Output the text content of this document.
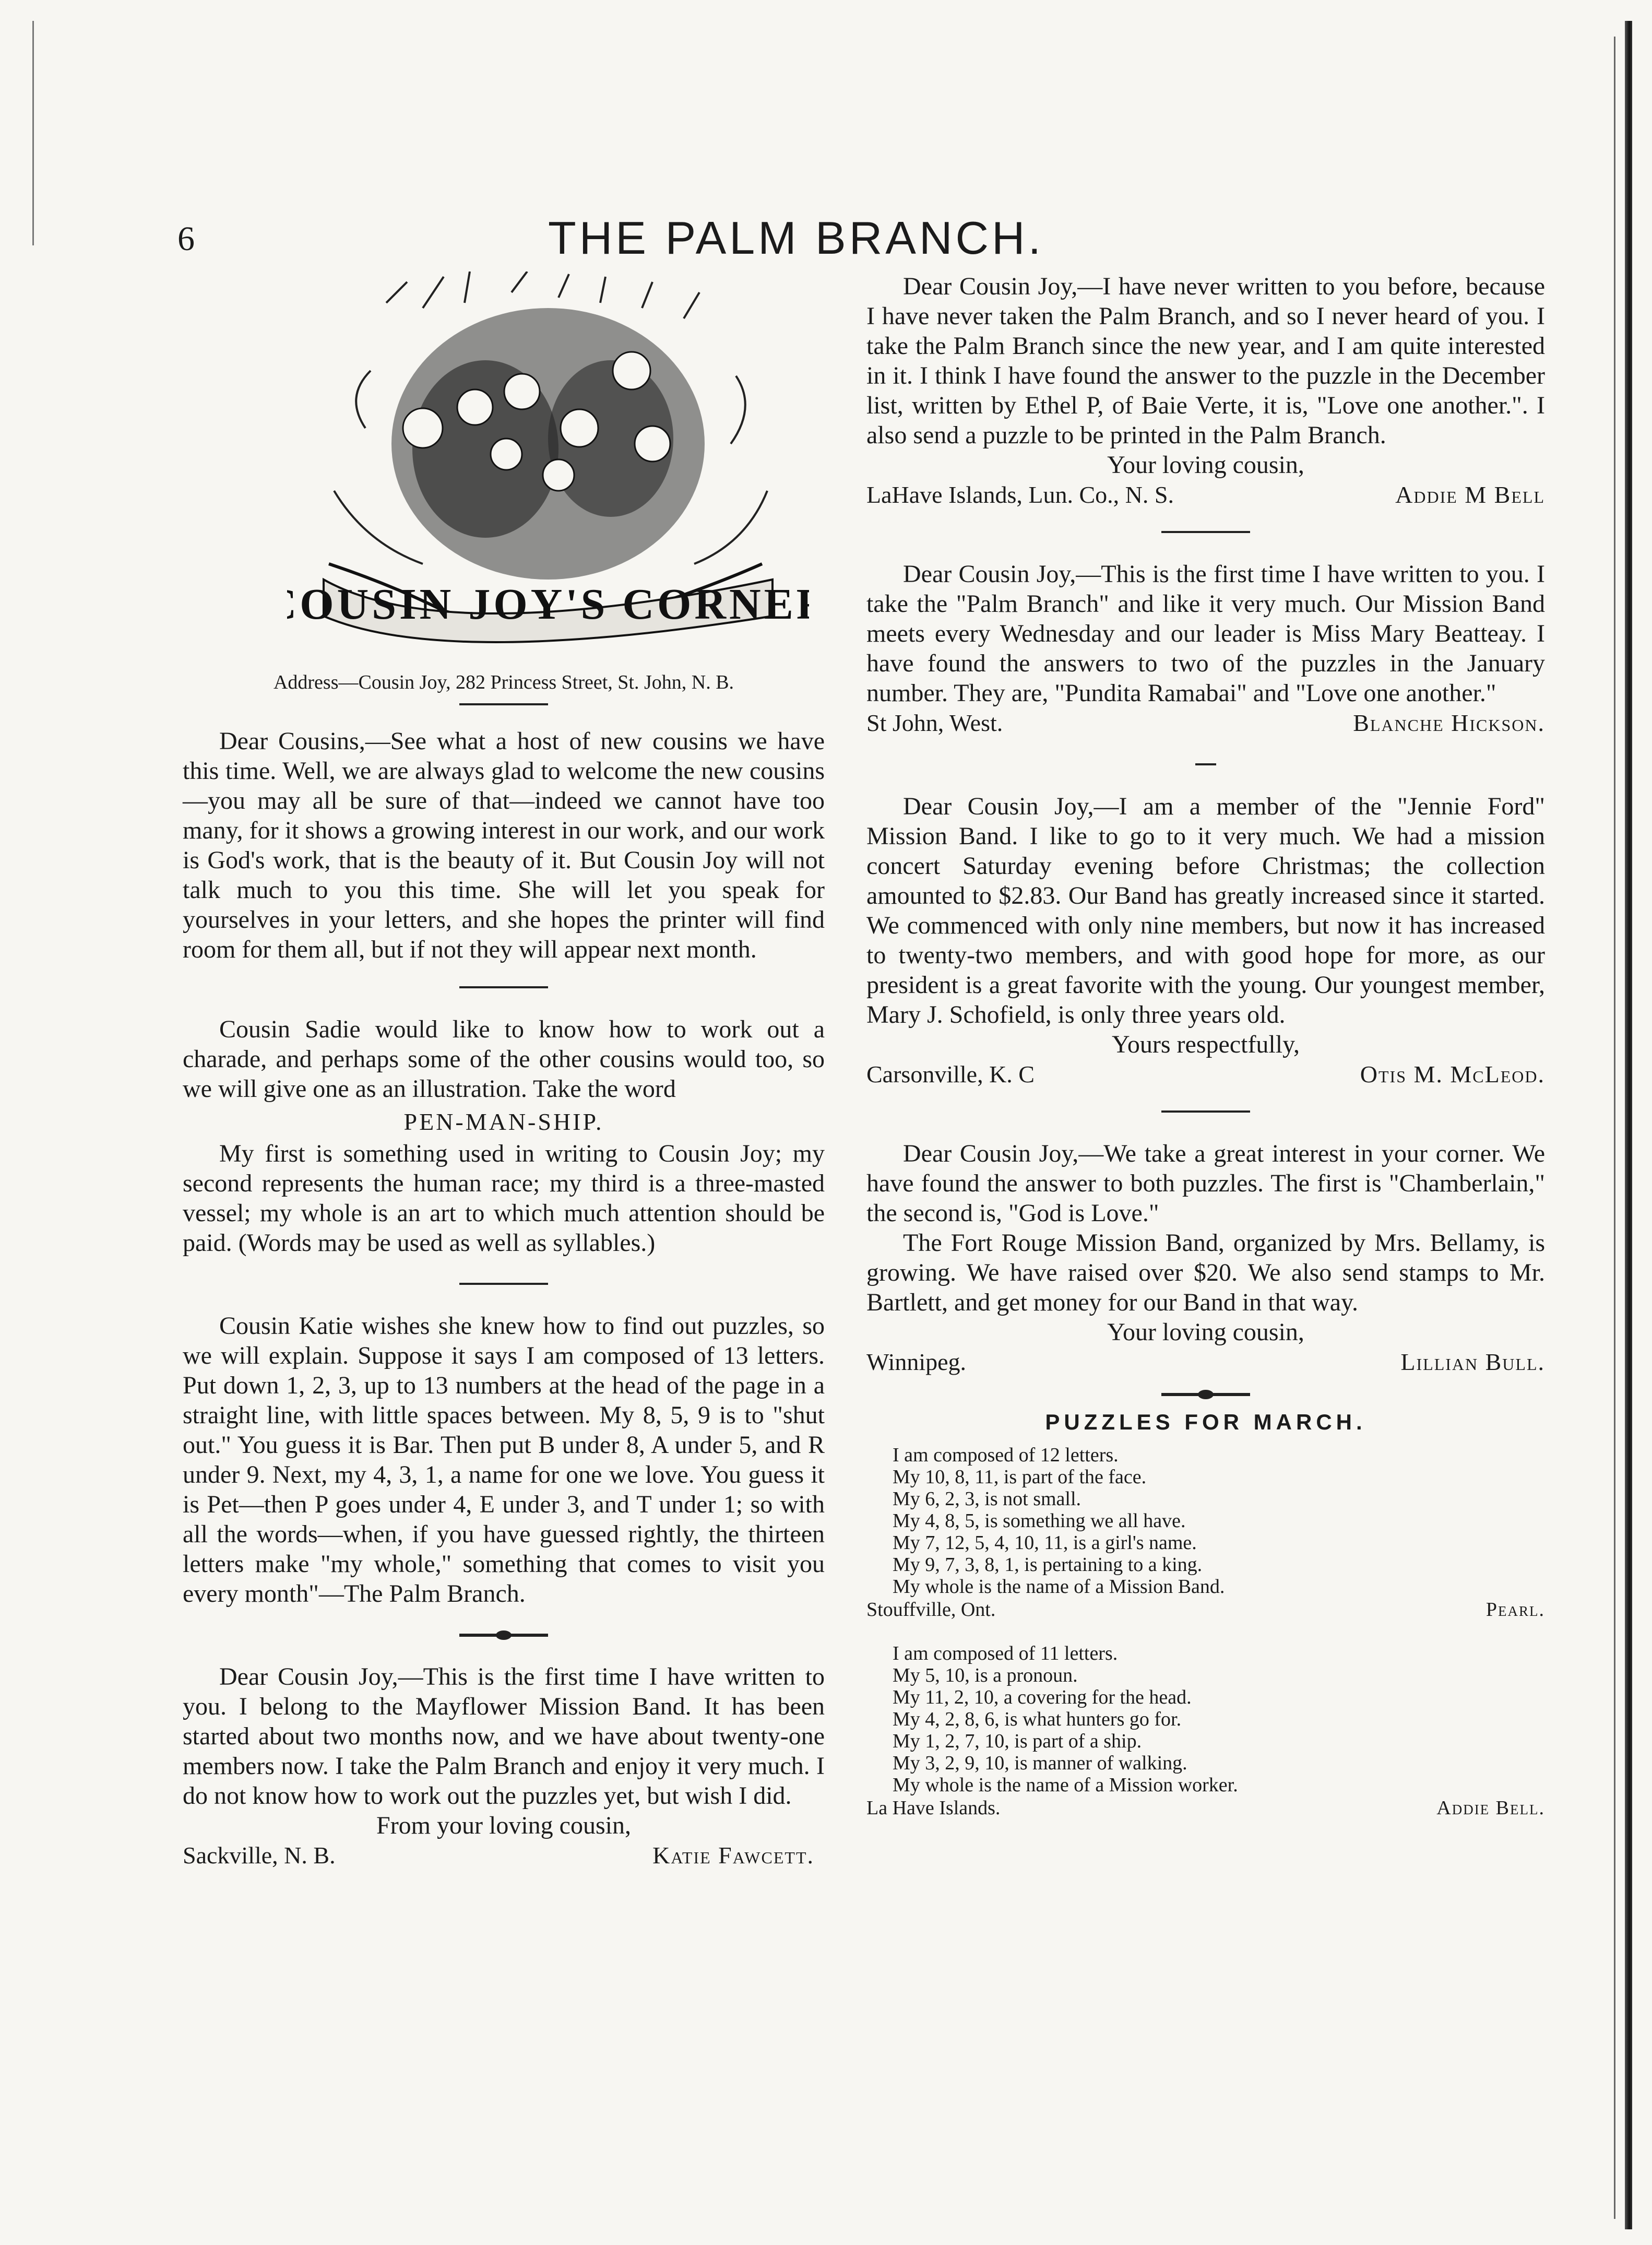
6	THE PALM BRANCH.
COUSIN JOY'S CORNER
Address—Cousin Joy, 282 Princess Street, St. John, N. B.

Dear Cousins,—See what a host of new cousins we have this time. Well, we are always glad to welcome the new cousins—you may all be sure of that—indeed we cannot have too many, for it shows a growing interest in our work, and our work is God's work, that is the beauty of it. But Cousin Joy will not talk much to you this time. She will let you speak for yourselves in your letters, and she hopes the printer will find room for them all, but if not they will appear next month.

Cousin Sadie would like to know how to work out a charade, and perhaps some of the other cousins would too, so we will give one as an illustration. Take the word

PEN-MAN-SHIP.

My first is something used in writing to Cousin Joy; my second represents the human race; my third is a three-masted vessel; my whole is an art to which much attention should be paid. (Words may be used as well as syllables.)

Cousin Katie wishes she knew how to find out puzzles, so we will explain. Suppose it says I am composed of 13 letters. Put down 1, 2, 3, up to 13 numbers at the head of the page in a straight line, with little spaces between. My 8, 5, 9 is to "shut out." You guess it is Bar. Then put B under 8, A under 5, and R under 9. Next, my 4, 3, 1, a name for one we love. You guess it is Pet—then P goes under 4, E under 3, and T under 1; so with all the words—when, if you have guessed rightly, the thirteen letters make "my whole," something that comes to visit you every month"—The Palm Branch.

Dear Cousin Joy,—This is the first time I have written to you. I belong to the Mayflower Mission Band. It has been started about two months now, and we have about twenty-one members now. I take the Palm Branch and enjoy it very much. I do not know how to work out the puzzles yet, but wish I did.

From your loving cousin,
Sackville, N. B.	Katie Fawcett.

Dear Cousin Joy,—I have never written to you before, because I have never taken the Palm Branch, and so I never heard of you. I take the Palm Branch since the new year, and I am quite interested in it. I think I have found the answer to the puzzle in the December list, written by Ethel P, of Baie Verte, it is, "Love one another.". I also send a puzzle to be printed in the Palm Branch.

Your loving cousin,
LaHave Islands, Lun. Co., N. S.	Addie M Bell

Dear Cousin Joy,—This is the first time I have written to you. I take the "Palm Branch" and like it very much. Our Mission Band meets every Wednesday and our leader is Miss Mary Beatteay. I have found the answers to two of the puzzles in the January number. They are, "Pundita Ramabai" and "Love one another."

St John, West.	Blanche Hickson.

Dear Cousin Joy,—I am a member of the "Jennie Ford" Mission Band. I like to go to it very much. We had a mission concert Saturday evening before Christmas; the collection amounted to $2.83. Our Band has greatly increased since it started. We commenced with only nine members, but now it has increased to twenty-two members, and with good hope for more, as our president is a great favorite with the young. Our youngest member, Mary J. Schofield, is only three years old.

Yours respectfully,
Carsonville, K. C	Otis M. McLeod.

Dear Cousin Joy,—We take a great interest in your corner. We have found the answer to both puzzles. The first is "Chamberlain," the second is, "God is Love."

The Fort Rouge Mission Band, organized by Mrs. Bellamy, is growing. We have raised over $20. We also send stamps to Mr. Bartlett, and get money for our Band in that way.

Your loving cousin,
Winnipeg.	Lillian Bull.
PUZZLES FOR MARCH.
I am composed of 12 letters.
My 10, 8, 11, is part of the face.
My 6, 2, 3, is not small.
My 4, 8, 5, is something we all have.
My 7, 12, 5, 4, 10, 11, is a girl's name.
My 9, 7, 3, 8, 1, is pertaining to a king.
My whole is the name of a Mission Band.
Stouffville, Ont.	Pearl.
I am composed of 11 letters.
My 5, 10, is a pronoun.
My 11, 2, 10, a covering for the head.
My 4, 2, 8, 6, is what hunters go for.
My 1, 2, 7, 10, is part of a ship.
My 3, 2, 9, 10, is manner of walking.
My whole is the name of a Mission worker.
La Have Islands.	Addie Bell.
